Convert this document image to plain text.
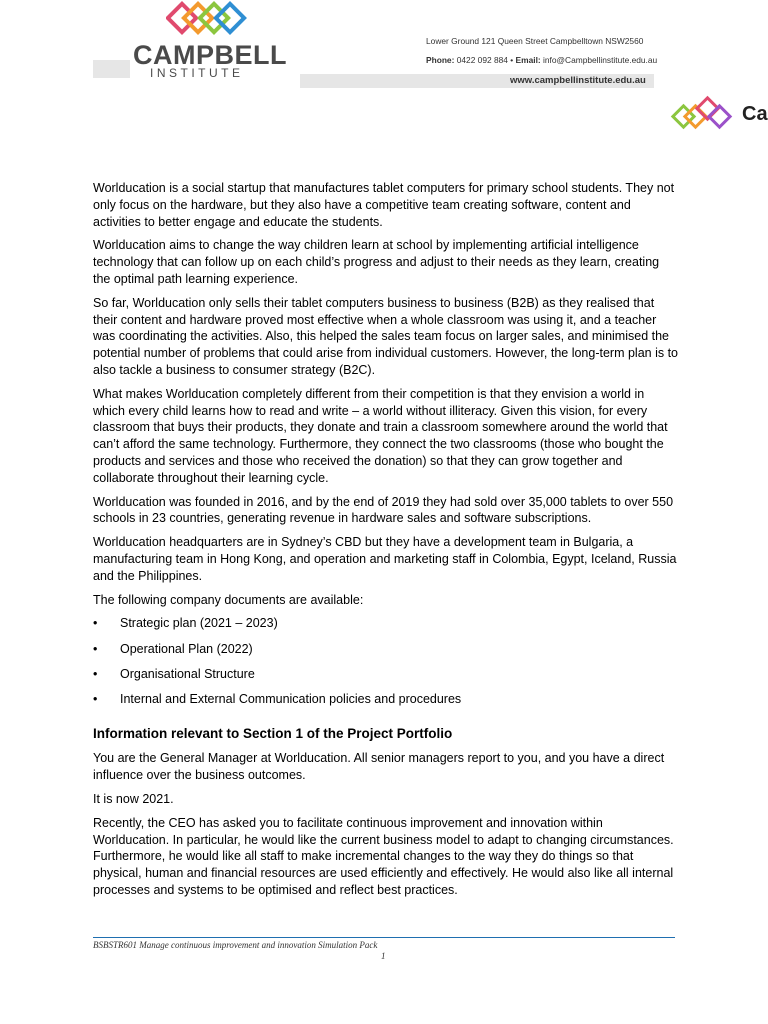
CAMPBELL
INSTITUTE
Lower Ground 121 Queen Street Campbelltown NSW2560
Phone: 0422 092 884 • Email: info@Campbellinstitute.edu.au
www.campbellinstitute.edu.au
Ca

Worlducation is a social startup that manufactures tablet computers for primary school students. They not only focus on the hardware, but they also have a competitive team creating software, content and activities to better engage and educate the students.

Worlducation aims to change the way children learn at school by implementing artificial intelligence technology that can follow up on each child’s progress and adjust to their needs as they learn, creating the optimal path learning experience.

So far, Worlducation only sells their tablet computers business to business (B2B) as they realised that their content and hardware proved most effective when a whole classroom was using it, and a teacher was coordinating the activities. Also, this helped the sales team focus on larger sales, and minimised the potential number of problems that could arise from individual customers. However, the long-term plan is to also tackle a business to consumer strategy (B2C).

What makes Worlducation completely different from their competition is that they envision a world in which every child learns how to read and write – a world without illiteracy. Given this vision, for every classroom that buys their products, they donate and train a classroom somewhere around the world that can’t afford the same technology. Furthermore, they connect the two classrooms (those who bought the products and services and those who received the donation) so that they can grow together and collaborate throughout their learning cycle.

Worlducation was founded in 2016, and by the end of 2019 they had sold over 35,000 tablets to over 550 schools in 23 countries, generating revenue in hardware sales and software subscriptions.

Worlducation headquarters are in Sydney’s CBD but they have a development team in Bulgaria, a manufacturing team in Hong Kong, and operation and marketing staff in Colombia, Egypt, Iceland, Russia and the Philippines.

The following company documents are available:

• Strategic plan (2021 – 2023)
• Operational Plan (2022)
• Organisational Structure
• Internal and External Communication policies and procedures
Information relevant to Section 1 of the Project Portfolio

You are the General Manager at Worlducation. All senior managers report to you, and you have a direct influence over the business outcomes.

It is now 2021.

Recently, the CEO has asked you to facilitate continuous improvement and innovation within Worlducation. In particular, he would like the current business model to adapt to changing circumstances. Furthermore, he would like all staff to make incremental changes to the way they do things so that physical, human and financial resources are used efficiently and effectively. He would also like all internal processes and systems to be optimised and reflect best practices.

BSBSTR601 Manage continuous improvement and innovation Simulation Pack
1
